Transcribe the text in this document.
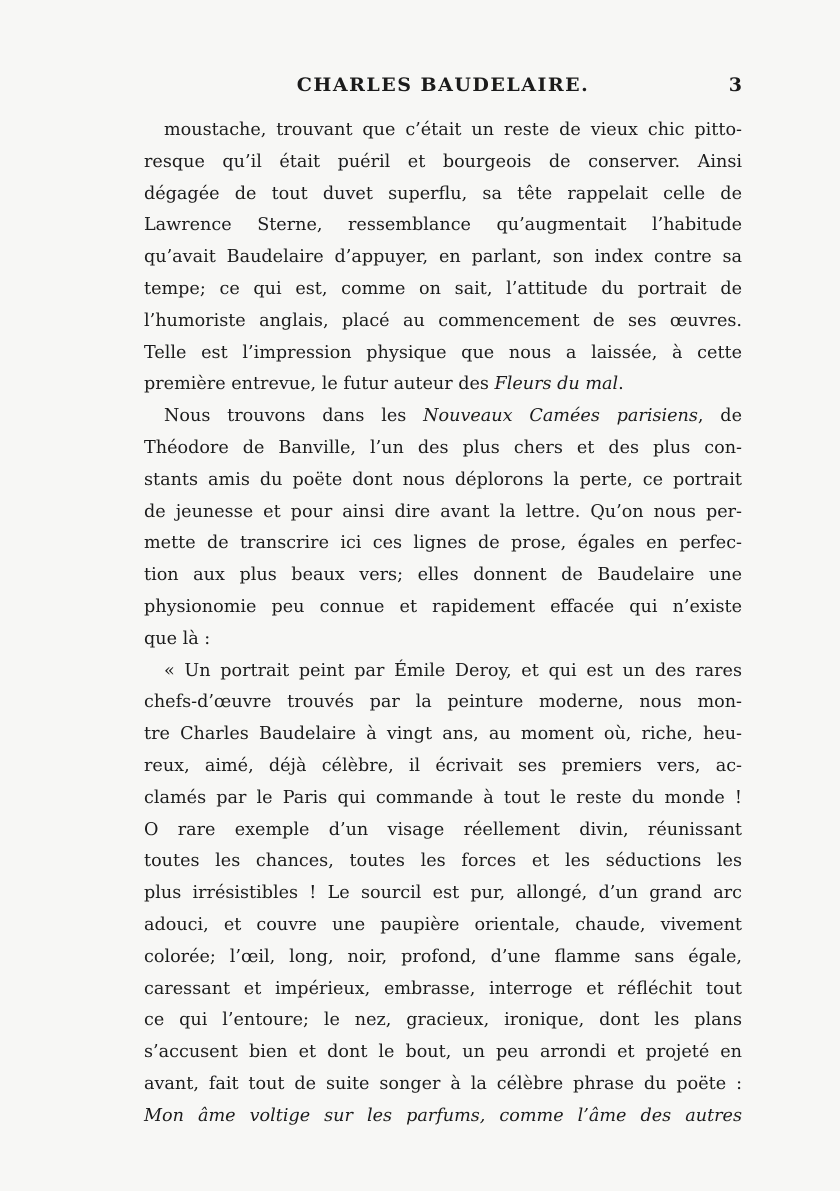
CHARLES BAUDELAIRE.	3
moustache, trouvant que c’était un reste de vieux chic pitto-
resque qu’il était puéril et bourgeois de conserver. Ainsi
dégagée de tout duvet superflu, sa tête rappelait celle de
Lawrence Sterne, ressemblance qu’augmentait l’habitude
qu’avait Baudelaire d’appuyer, en parlant, son index contre sa
tempe; ce qui est, comme on sait, l’attitude du portrait de
l’humoriste anglais, placé au commencement de ses œuvres.
Telle est l’impression physique que nous a laissée, à cette
première entrevue, le futur auteur des Fleurs du mal.
Nous trouvons dans les Nouveaux Camées parisiens, de
Théodore de Banville, l’un des plus chers et des plus con-
stants amis du poëte dont nous déplorons la perte, ce portrait
de jeunesse et pour ainsi dire avant la lettre. Qu’on nous per-
mette de transcrire ici ces lignes de prose, égales en perfec-
tion aux plus beaux vers; elles donnent de Baudelaire une
physionomie peu connue et rapidement effacée qui n’existe
que là :
« Un portrait peint par Émile Deroy, et qui est un des rares
chefs-d’œuvre trouvés par la peinture moderne, nous mon-
tre Charles Baudelaire à vingt ans, au moment où, riche, heu-
reux, aimé, déjà célèbre, il écrivait ses premiers vers, ac-
clamés par le Paris qui commande à tout le reste du monde !
O rare exemple d’un visage réellement divin, réunissant
toutes les chances, toutes les forces et les séductions les
plus irrésistibles ! Le sourcil est pur, allongé, d’un grand arc
adouci, et couvre une paupière orientale, chaude, vivement
colorée; l’œil, long, noir, profond, d’une flamme sans égale,
caressant et impérieux, embrasse, interroge et réfléchit tout
ce qui l’entoure; le nez, gracieux, ironique, dont les plans
s’accusent bien et dont le bout, un peu arrondi et projeté en
avant, fait tout de suite songer à la célèbre phrase du poëte :
Mon âme voltige sur les parfums, comme l’âme des autres
